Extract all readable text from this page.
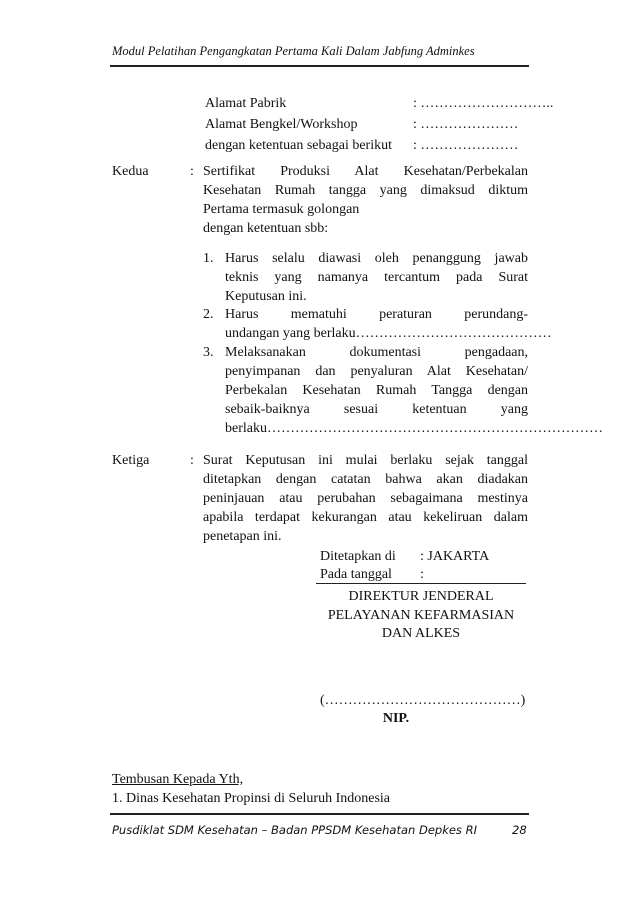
Modul Pelatihan Pengangkatan Pertama Kali Dalam Jabfung Adminkes
Alamat Pabrik	: ………………………..
Alamat Bengkel/Workshop	: …………………
dengan ketentuan sebagai berikut : …………………
Kedua	: Sertifikat Produksi Alat Kesehatan/Perbekalan
Kesehatan Rumah tangga yang dimaksud diktum
Pertama termasuk golongan
dengan ketentuan sbb:
1. Harus selalu diawasi oleh penanggung jawab
teknis yang namanya tercantum pada Surat
Keputusan ini.
2. Harus mematuhi peraturan perundang-
undangan yang berlaku……………………………………
3. Melaksanakan dokumentasi pengadaan,
penyimpanan dan penyaluran Alat Kesehatan/
Perbekalan Kesehatan Rumah Tangga dengan
sebaik-baiknya sesuai ketentuan yang
berlaku………………………………………………………………
Ketiga	: Surat Keputusan ini mulai berlaku sejak tanggal
ditetapkan dengan catatan bahwa akan diadakan
peninjauan atau perubahan sebagaimana mestinya
apabila terdapat kekurangan atau kekeliruan dalam
penetapan ini.
Ditetapkan di : JAKARTA
Pada tanggal :
DIREKTUR JENDERAL
PELAYANAN KEFARMASIAN
DAN ALKES
(……………………………………)
NIP.
Tembusan Kepada Yth,
1. Dinas Kesehatan Propinsi di Seluruh Indonesia
Pusdiklat SDM Kesehatan – Badan PPSDM Kesehatan Depkes RI	28
